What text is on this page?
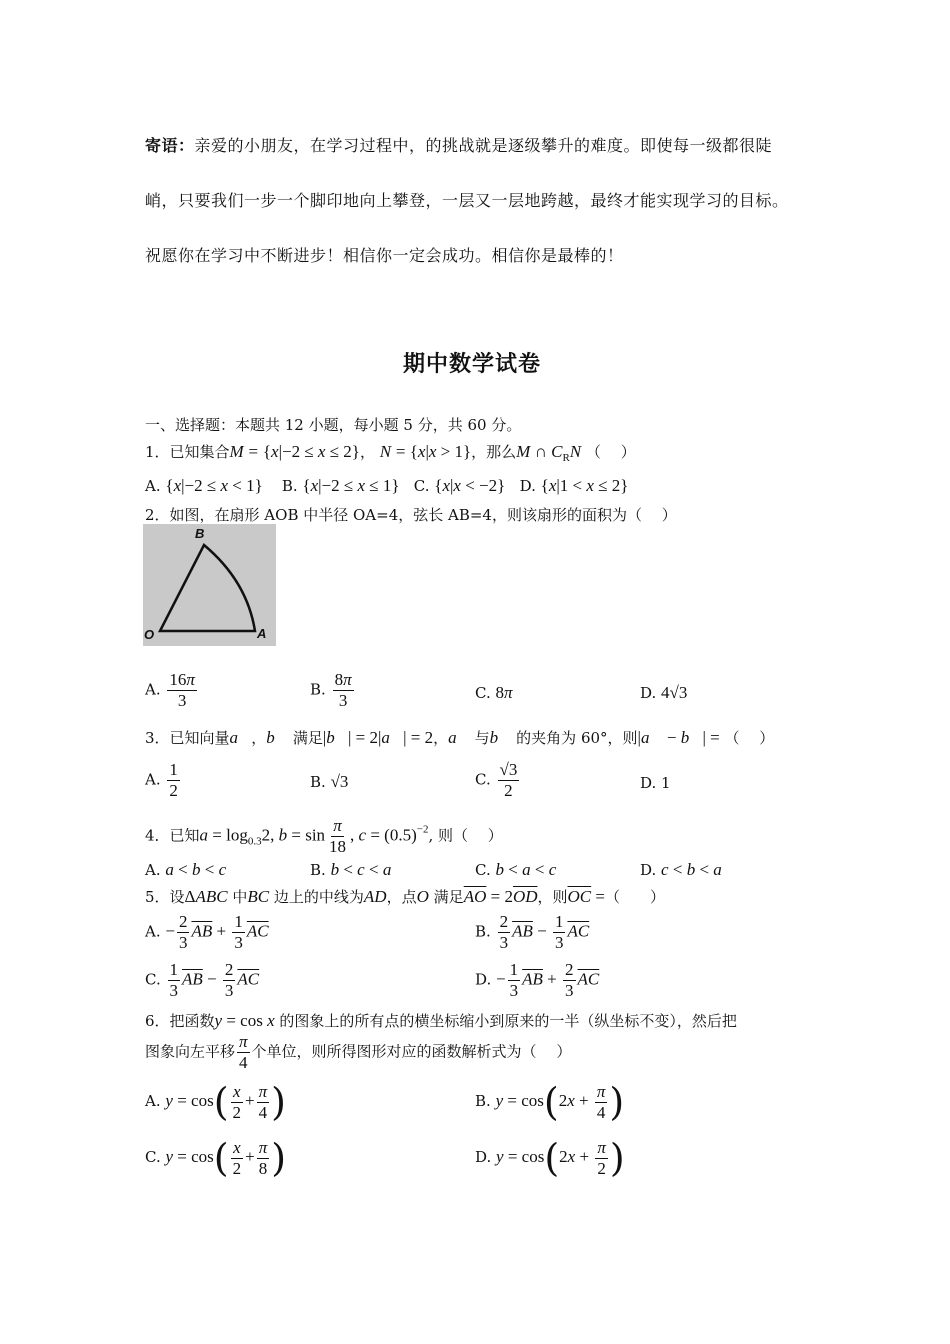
寄语：亲爱的小朋友，在学习过程中，的挑战就是逐级攀升的难度。即使每一级都很陡
峭，只要我们一步一个脚印地向上攀登，一层又一层地跨越，最终才能实现学习的目标。
祝愿你在学习中不断进步！相信你一定会成功。相信你是最棒的！
期中数学试卷
一、选择题：本题共 12 小题，每小题 5 分，共 60 分。
1．已知集合M = {x|−2 ≤ x ≤ 2}， N = {x|x > 1}，那么M ∩ $C_RN$ （　 ）
A. {x|−2 ≤ x < 1} B. {x|−2 ≤ x ≤ 1} C. {x|x < −2} D. {x|1 < x ≤ 2}
2．如图，在扇形 AOB 中半径 OA=4，弦长 AB=4，则该扇形的面积为（　 ）
B
O	A
A. $\frac{16\pi}{3}$	B. $\frac{8\pi}{3}$	C. 8π	D. 4√3
3．已知向量a⃗，b⃗ 满足|b⃗| = 2|a⃗| = 2，a⃗ 与b⃗ 的夹角为 60°，则|a⃗ − b⃗| = （　 ）
A. $\frac{1}{2}$	B. √3	C. $\frac{√3}{2}$	D. 1
4．已知$a = \log_{0.3}2$, $b = \sin \frac{\pi}{18}$ , $c = (0.5)^{-2}$, 则（　 ）
A. a < b < c	B. b < c < a	C. b < a < c	D. c < b < a
5．设ΔABC 中BC 边上的中线为AD，点O 满足$\overline{AO} = 2\overline{OD}$，则$\overline{OC}$ =（　　）
A. − $\frac{2}{3} \overline{AB} + \frac{1}{3} \overline{AC}$	B. $\frac{2}{3} \overline{AB} - \frac{1}{3} \overline{AC}$
C. $\frac{1}{3} \overline{AB} - \frac{2}{3} \overline{AC}$	D. − $\frac{1}{3} \overline{AB} + \frac{2}{3} \overline{AC}$
6．把函数y = cos x 的图象上的所有点的横坐标缩小到原来的一半（纵坐标不变），然后把
图象向左平移 $\frac{\pi}{4}$ 个单位，则所得图形对应的函数解析式为（　 ）
A. $y = \cos( \frac{x}{2} + \frac{\pi}{4}$ )	B. $y = \cos(2x + \frac{\pi}{4}$ )
C. $y = \cos( \frac{x}{2} + \frac{\pi}{8}$ )	D. $y = \cos(2x + \frac{\pi}{2}$ )
